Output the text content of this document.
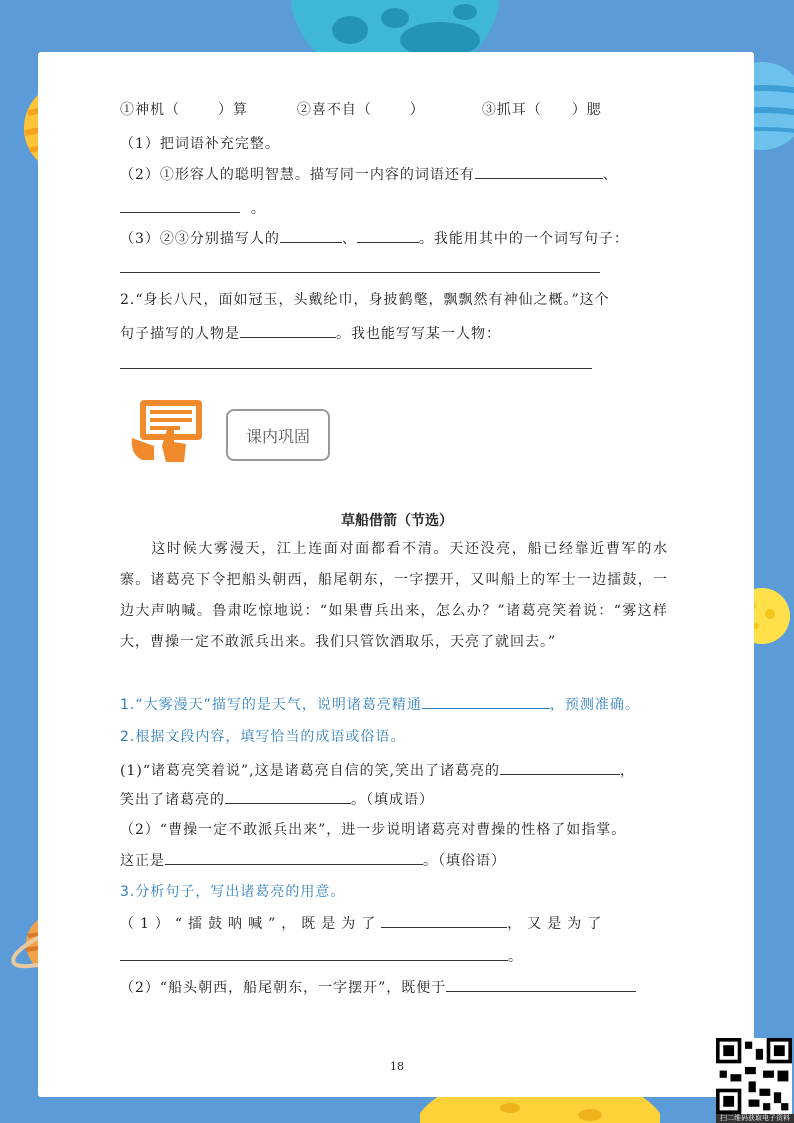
①神机（	）算	②喜不自（	）	③抓耳（ ）腮
（1）把词语补充完整。
（2）①形容人的聪明智慧。描写同一内容的词语还有	、
。
（3）②③分别描写人的	、	。我能用其中的一个词写句子：
2.“身长八尺，面如冠玉，头戴纶巾，身披鹤氅，飘飘然有神仙之概。”这个
句子描写的人物是	。我也能写写某一人物：
课内巩固
草船借箭（节选）
　　这时候大雾漫天，江上连面对面都看不清。天还没亮，船已经靠近曹军的水寨。诸葛亮下令把船头朝西，船尾朝东，一字摆开，又叫船上的军士一边擂鼓，一边大声呐喊。鲁肃吃惊地说：“如果曹兵出来，怎么办？”诸葛亮笑着说：“雾这样大，曹操一定不敢派兵出来。我们只管饮酒取乐，天亮了就回去。”
1.“大雾漫天”描写的是天气，说明诸葛亮精通	，预测准确。
2.根据文段内容，填写恰当的成语或俗语。
(1)“诸葛亮笑着说”,这是诸葛亮自信的笑,笑出了诸葛亮的	，
笑出了诸葛亮的	。（填成语）
（2）“曹操一定不敢派兵出来”，进一步说明诸葛亮对曹操的性格了如指掌。
这正是	。（填俗语）
3.分析句子，写出诸葛亮的用意。
（1）“擂鼓呐喊”，既是为了	，又是为了
。
（2）“船头朝西，船尾朝东，一字摆开”，既便于
18
扫二维码获取电子资料
